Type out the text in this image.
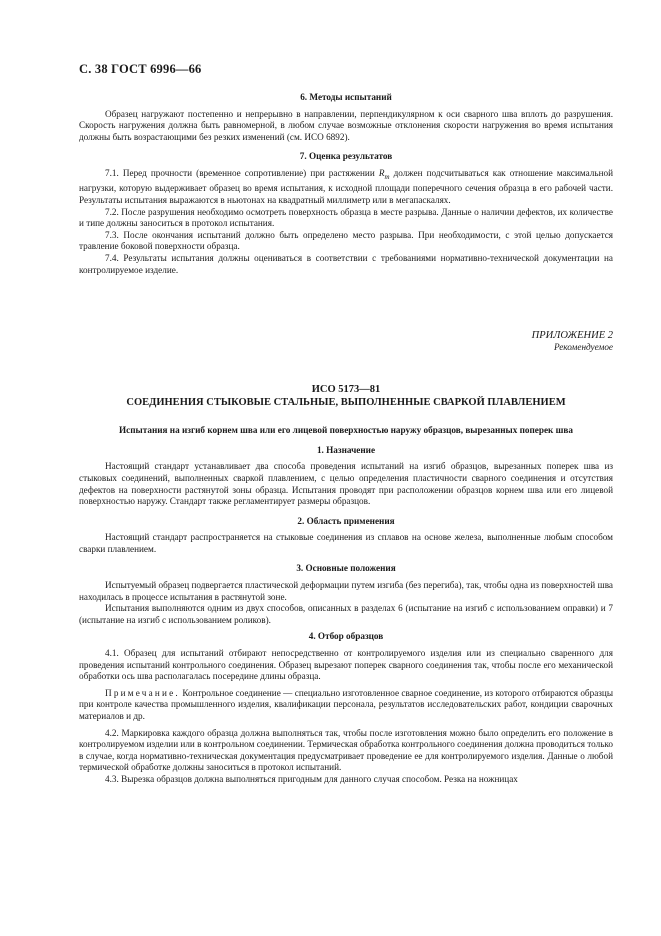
С. 38 ГОСТ 6996—66
6. Методы испытаний

Образец нагружают постепенно и непрерывно в направлении, перпендикулярном к оси сварного шва вплоть до разрушения. Скорость нагружения должна быть равномерной, в любом случае возможные отклонения скорости нагружения во время испытания должны быть возрастающими без резких изменений (см. ИСО 6892).

7. Оценка результатов

7.1. Перед прочности (временное сопротивление) при растяжении $R_m$ должен подсчитываться как отношение максимальной нагрузки, которую выдерживает образец во время испытания, к исходной площади поперечного сечения образца в его рабочей части. Результаты испытания выражаются в ньютонах на квадратный миллиметр или в мегапаскалях.

7.2. После разрушения необходимо осмотреть поверхность образца в месте разрыва. Данные о наличии дефектов, их количестве и типе должны заноситься в протокол испытания.

7.3. После окончания испытаний должно быть определено место разрыва. При необходимости, с этой целью допускается травление боковой поверхности образца.

7.4. Результаты испытания должны оцениваться в соответствии с требованиями нормативно-технической документации на контролируемое изделие.

ПРИЛОЖЕНИЕ 2
Рекомендуемое
ИСО 5173—81
СОЕДИНЕНИЯ СТЫКОВЫЕ СТАЛЬНЫЕ, ВЫПОЛНЕННЫЕ СВАРКОЙ ПЛАВЛЕНИЕМ
Испытания на изгиб корнем шва или его лицевой поверхностью наружу образцов, вырезанных поперек шва
1. Назначение

Настоящий стандарт устанавливает два способа проведения испытаний на изгиб образцов, вырезанных поперек шва из стыковых соединений, выполненных сваркой плавлением, с целью определения пластичности сварного соединения и отсутствия дефектов на поверхности растянутой зоны образца. Испытания проводят при расположении образцов корнем шва или его лицевой поверхностью наружу. Стандарт также регламентирует размеры образцов.

2. Область применения

Настоящий стандарт распространяется на стыковые соединения из сплавов на основе железа, выполненные любым способом сварки плавлением.

3. Основные положения

Испытуемый образец подвергается пластической деформации путем изгиба (без перегиба), так, чтобы одна из поверхностей шва находилась в процессе испытания в растянутой зоне.

Испытания выполняются одним из двух способов, описанных в разделах 6 (испытание на изгиб с использованием оправки) и 7 (испытание на изгиб с использованием роликов).

4. Отбор образцов

4.1. Образец для испытаний отбирают непосредственно от контролируемого изделия или из специально сваренного для проведения испытаний контрольного соединения. Образец вырезают поперек сварного соединения так, чтобы после его механической обработки ось шва располагалась посередине длины образца.

Примечание. Контрольное соединение — специально изготовленное сварное соединение, из которого отбираются образцы при контроле качества промышленного изделия, квалификации персонала, результатов исследовательских работ, кондиции сварочных материалов и др.

4.2. Маркировка каждого образца должна выполняться так, чтобы после изготовления можно было определить его положение в контролируемом изделии или в контрольном соединении. Термическая обработка контрольного соединения должна проводиться только в случае, когда нормативно-техническая документация предусматривает проведение ее для контролируемого изделия. Данные о любой термической обработке должны заноситься в протокол испытаний.

4.3. Вырезка образцов должна выполняться пригодным для данного случая способом. Резка на ножницах
